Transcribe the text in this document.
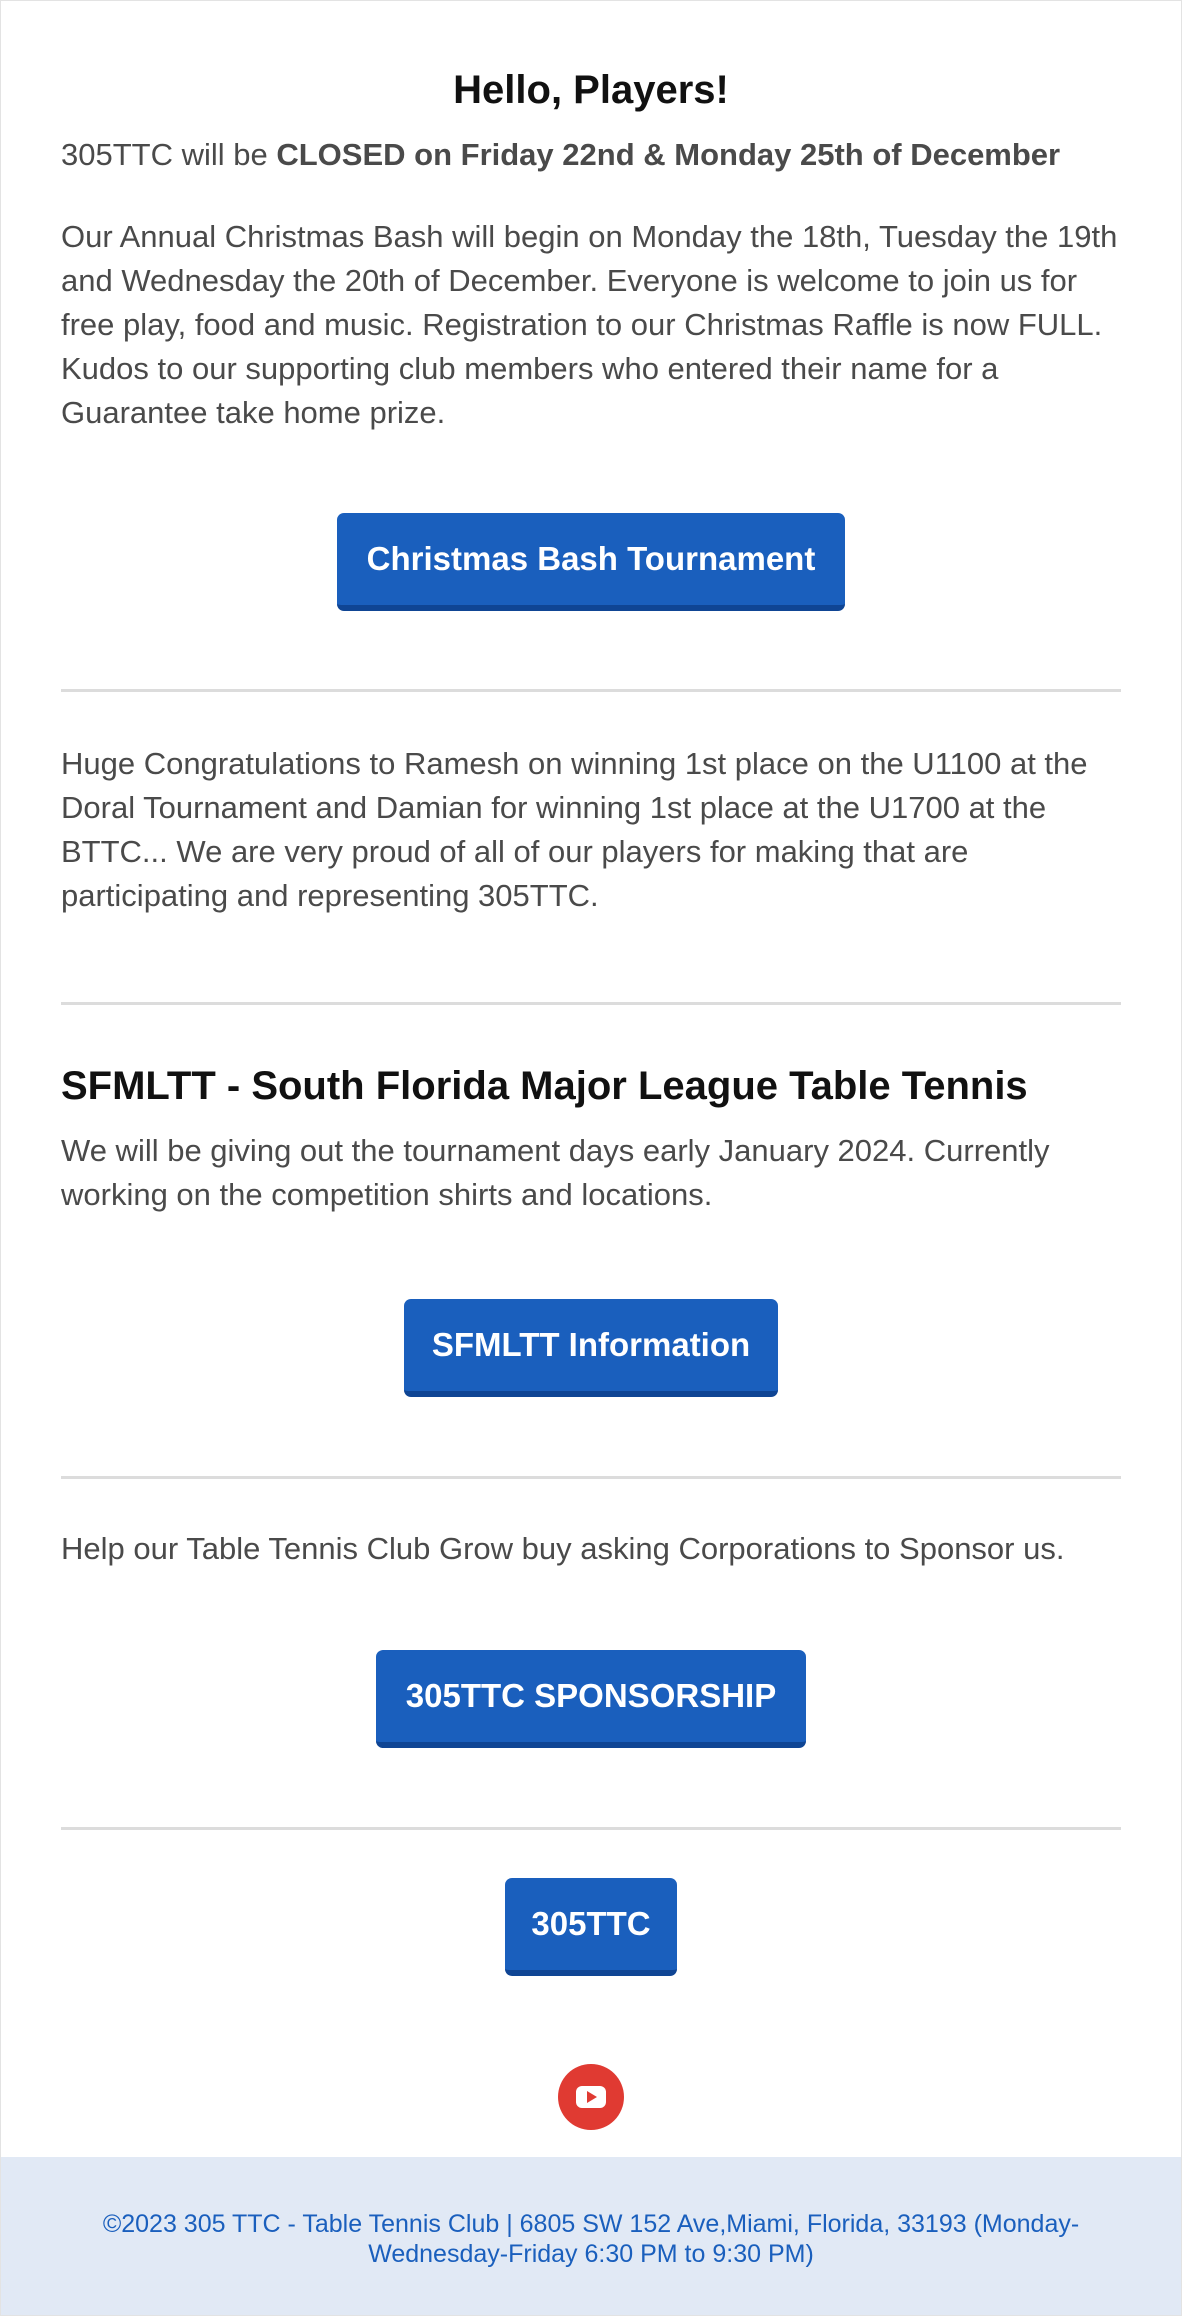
Hello, Players!

305TTC will be CLOSED on Friday 22nd & Monday 25th of December

Our Annual Christmas Bash will begin on Monday the 18th, Tuesday the 19th and Wednesday the 20th of December. Everyone is welcome to join us for free play, food and music. Registration to our Christmas Raffle is now FULL. Kudos to our supporting club members who entered their name for a Guarantee take home prize.

Christmas Bash Tournament

Huge Congratulations to Ramesh on winning 1st place on the U1100 at the Doral Tournament and Damian for winning 1st place at the U1700 at the BTTC... We are very proud of all of our players for making that are participating and representing 305TTC.

SFMLTT - South Florida Major League Table Tennis

We will be giving out the tournament days early January 2024. Currently working on the competition shirts and locations.

SFMLTT Information

Help our Table Tennis Club Grow buy asking Corporations to Sponsor us.

305TTC SPONSORSHIP
305TTC
©2023 305 TTC - Table Tennis Club | 6805 SW 152 Ave,Miami, Florida, 33193 (Monday-Wednesday-Friday 6:30 PM to 9:30 PM)
